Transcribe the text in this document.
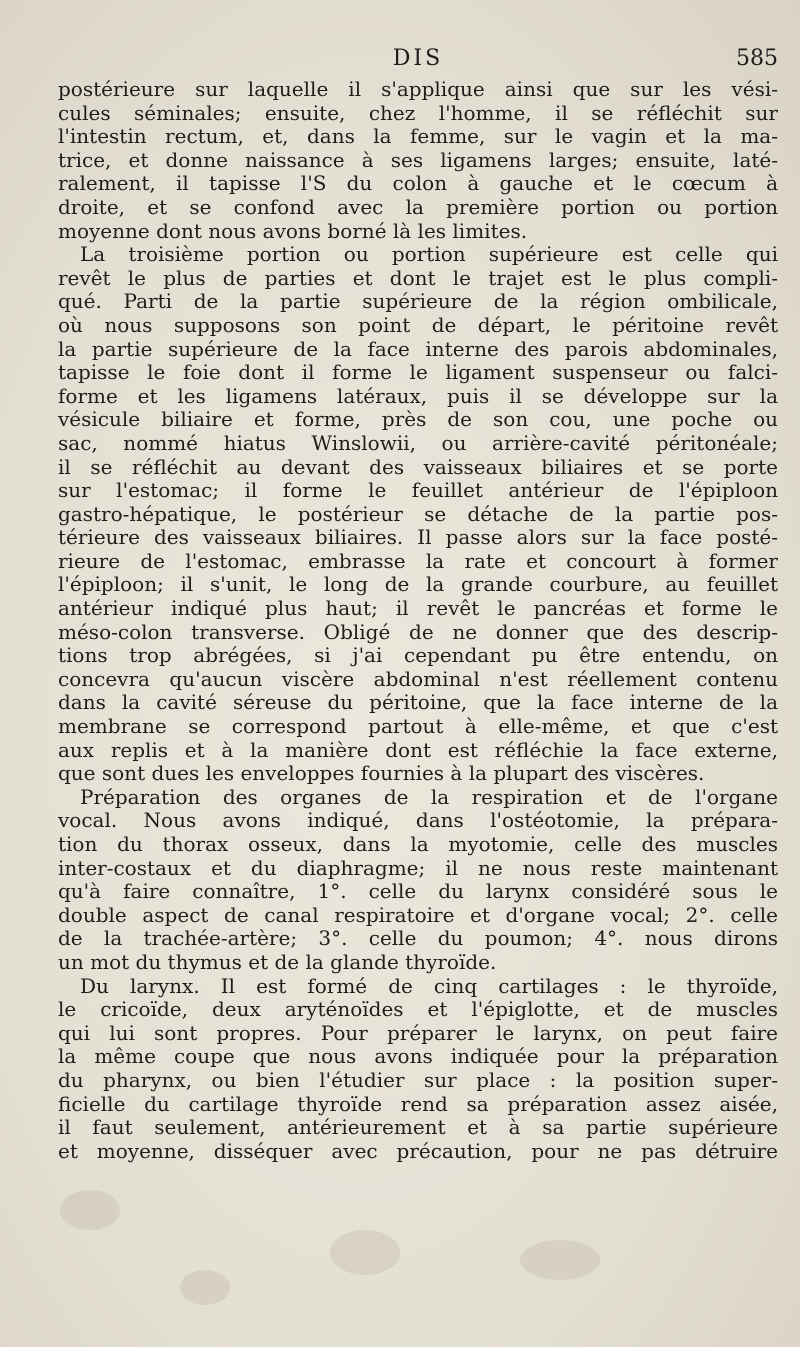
DIS	585
postérieure sur laquelle il s'applique ainsi que sur les vési-
cules séminales; ensuite, chez l'homme, il se réfléchit sur
l'intestin rectum, et, dans la femme, sur le vagin et la ma-
trice, et donne naissance à ses ligamens larges; ensuite, laté-
ralement, il tapisse l'S du colon à gauche et le cœcum à
droite, et se confond avec la première portion ou portion
moyenne dont nous avons borné là les limites.
La troisième portion ou portion supérieure est celle qui
revêt le plus de parties et dont le trajet est le plus compli-
qué. Parti de la partie supérieure de la région ombilicale,
où nous supposons son point de départ, le péritoine revêt
la partie supérieure de la face interne des parois abdominales,
tapisse le foie dont il forme le ligament suspenseur ou falci-
forme et les ligamens latéraux, puis il se développe sur la
vésicule biliaire et forme, près de son cou, une poche ou
sac, nommé hiatus Winslowii, ou arrière-cavité péritonéale;
il se réfléchit au devant des vaisseaux biliaires et se porte
sur l'estomac; il forme le feuillet antérieur de l'épiploon
gastro-hépatique, le postérieur se détache de la partie pos-
térieure des vaisseaux biliaires. Il passe alors sur la face posté-
rieure de l'estomac, embrasse la rate et concourt à former
l'épiploon; il s'unit, le long de la grande courbure, au feuillet
antérieur indiqué plus haut; il revêt le pancréas et forme le
méso-colon transverse. Obligé de ne donner que des descrip-
tions trop abrégées, si j'ai cependant pu être entendu, on
concevra qu'aucun viscère abdominal n'est réellement contenu
dans la cavité séreuse du péritoine, que la face interne de la
membrane se correspond partout à elle-même, et que c'est
aux replis et à la manière dont est réfléchie la face externe,
que sont dues les enveloppes fournies à la plupart des viscères.
Préparation des organes de la respiration et de l'organe
vocal. Nous avons indiqué, dans l'ostéotomie, la prépara-
tion du thorax osseux, dans la myotomie, celle des muscles
inter-costaux et du diaphragme; il ne nous reste maintenant
qu'à faire connaître, 1°. celle du larynx considéré sous le
double aspect de canal respiratoire et d'organe vocal; 2°. celle
de la trachée-artère; 3°. celle du poumon; 4°. nous dirons
un mot du thymus et de la glande thyroïde.
Du larynx. Il est formé de cinq cartilages : le thyroïde,
le cricoïde, deux aryténoïdes et l'épiglotte, et de muscles
qui lui sont propres. Pour préparer le larynx, on peut faire
la même coupe que nous avons indiquée pour la préparation
du pharynx, ou bien l'étudier sur place : la position super-
ficielle du cartilage thyroïde rend sa préparation assez aisée,
il faut seulement, antérieurement et à sa partie supérieure
et moyenne, disséquer avec précaution, pour ne pas détruire
